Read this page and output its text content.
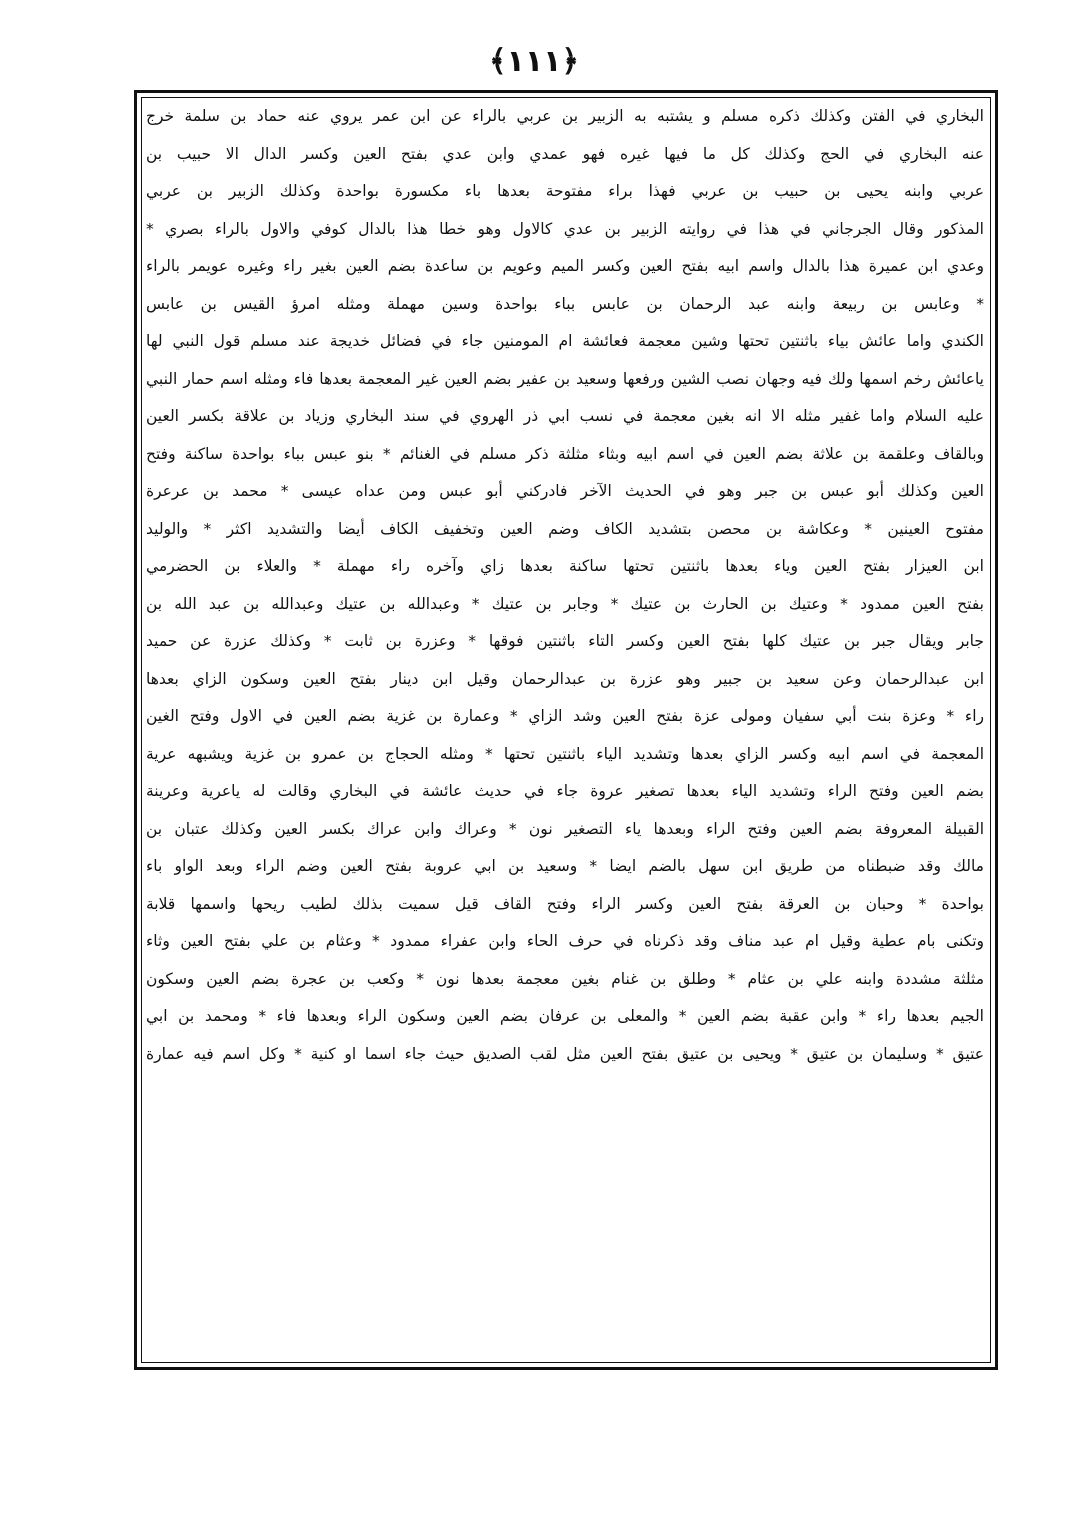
﴿١١١﴾
البخاري في الفتن وكذلك ذكره مسلم و يشتبه به الزبير بن عربي بالراء عن ابن عمر يروي عنه حماد بن سلمة خرج
عنه البخاري في الحج وكذلك كل ما فيها غيره فهو عمدي وابن عدي بفتح العين وكسر الدال الا حبيب بن
عربي وابنه يحيى بن حبيب بن عربي فهذا براء مفتوحة بعدها باء مكسورة بواحدة وكذلك الزبير بن عربي
المذكور وقال الجرجاني في هذا في روايته الزبير بن عدي كالاول وهو خطا هذا بالدال كوفي والاول بالراء بصري *
وعدي ابن عميرة هذا بالدال واسم ابيه بفتح العين وكسر الميم وعويم بن ساعدة بضم العين بغير راء وغيره عويمر بالراء
* وعابس بن ربيعة وابنه عبد الرحمان بن عابس بباء بواحدة وسين مهملة ومثله امرؤ القيس بن عابس
الكندي واما عائش بياء باثنتين تحتها وشين معجمة فعائشة ام المومنين جاء في فضائل خديجة عند مسلم قول النبي لها
ياعائش رخم اسمها ولك فيه وجهان نصب الشين ورفعها وسعيد بن عفير بضم العين غير المعجمة بعدها فاء ومثله اسم حمار النبي
عليه السلام واما غفير مثله الا انه بغين معجمة في نسب ابي ذر الهروي في سند البخاري وزياد بن علاقة بكسر العين
وبالقاف وعلقمة بن علاثة بضم العين في اسم ابيه وبثاء مثلثة ذكر مسلم في الغنائم * بنو عبس بباء بواحدة ساكنة وفتح
العين وكذلك أبو عبس بن جبر وهو في الحديث الآخر فادركني أبو عبس ومن عداه عيسى * محمد بن عرعرة
مفتوح العينين * وعكاشة بن محصن بتشديد الكاف وضم العين وتخفيف الكاف أيضا والتشديد اكثر * والوليد
ابن العيزار بفتح العين وياء بعدها باثنتين تحتها ساكنة بعدها زاي وآخره راء مهملة * والعلاء بن الحضرمي
بفتح العين ممدود * وعتيك بن الحارث بن عتيك * وجابر بن عتيك * وعبدالله بن عتيك وعبدالله بن عبد الله بن
جابر ويقال جبر بن عتيك كلها بفتح العين وكسر التاء باثنتين فوقها * وعزرة بن ثابت * وكذلك عزرة عن حميد
ابن عبدالرحمان وعن سعيد بن جبير وهو عزرة بن عبدالرحمان وقيل ابن دينار بفتح العين وسكون الزاي بعدها
راء * وعزة بنت أبي سفيان ومولى عزة بفتح العين وشد الزاي * وعمارة بن غزية بضم العين في الاول وفتح الغين
المعجمة في اسم ابيه وكسر الزاي بعدها وتشديد الياء باثنتين تحتها * ومثله الحجاج بن عمرو بن غزية ويشبهه عرية
بضم العين وفتح الراء وتشديد الياء بعدها تصغير عروة جاء في حديث عائشة في البخاري وقالت له ياعرية وعرينة
القبيلة المعروفة بضم العين وفتح الراء وبعدها ياء التصغير نون * وعراك وابن عراك بكسر العين وكذلك عتبان بن
مالك وقد ضبطناه من طريق ابن سهل بالضم ايضا * وسعيد بن ابي عروبة بفتح العين وضم الراء وبعد الواو باء
بواحدة * وحبان بن العرقة بفتح العين وكسر الراء وفتح القاف قيل سميت بذلك لطيب ريحها واسمها قلابة
وتكنى بام عطية وقيل ام عبد مناف وقد ذكرناه في حرف الحاء وابن عفراء ممدود * وعثام بن علي بفتح العين وثاء
مثلثة مشددة وابنه علي بن عثام * وطلق بن غنام بغين معجمة بعدها نون * وكعب بن عجرة بضم العين وسكون
الجيم بعدها راء * وابن عقبة بضم العين * والمعلى بن عرفان بضم العين وسكون الراء وبعدها فاء * ومحمد بن ابي
عتيق * وسليمان بن عتيق * ويحيى بن عتيق بفتح العين مثل لقب الصديق حيث جاء اسما او كنية * وكل اسم فيه عمارة
